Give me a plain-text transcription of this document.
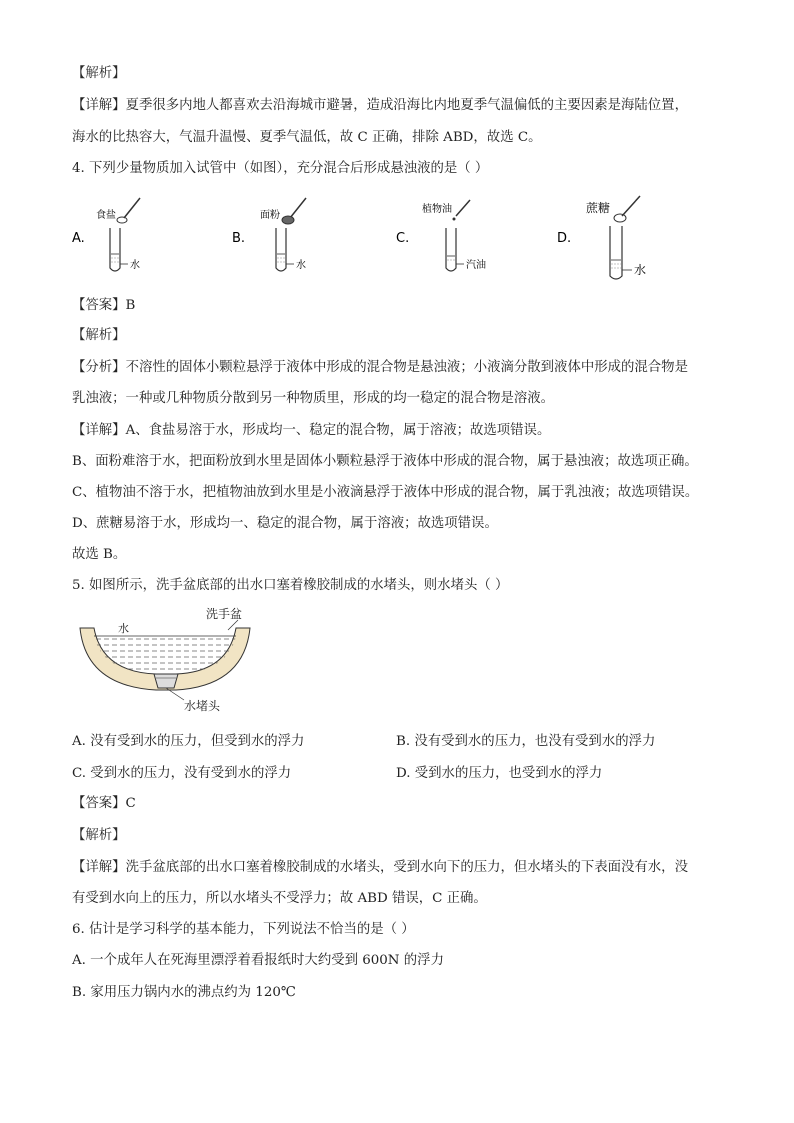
【解析】
【详解】夏季很多内地人都喜欢去沿海城市避暑，造成沿海比内地夏季气温偏低的主要因素是海陆位置，
海水的比热容大，气温升温慢、夏季气温低，故 C 正确，排除 ABD，故选 C。
4. 下列少量物质加入试管中（如图），充分混合后形成悬浊液的是（ ）
A.
食盐
水
B.
面粉
水
C.
植物油
汽油
D.
蔗糖
水
【答案】B
【解析】
【分析】不溶性的固体小颗粒悬浮于液体中形成的混合物是悬浊液；小液滴分散到液体中形成的混合物是
乳浊液；一种或几种物质分散到另一种物质里，形成的均一稳定的混合物是溶液。
【详解】A、食盐易溶于水，形成均一、稳定的混合物，属于溶液；故选项错误。
B、面粉难溶于水，把面粉放到水里是固体小颗粒悬浮于液体中形成的混合物，属于悬浊液；故选项正确。
C、植物油不溶于水，把植物油放到水里是小液滴悬浮于液体中形成的混合物，属于乳浊液；故选项错误。
D、蔗糖易溶于水，形成均一、稳定的混合物，属于溶液；故选项错误。
故选 B。
5. 如图所示，洗手盆底部的出水口塞着橡胶制成的水堵头，则水堵头（ ）
洗手盆
水
水堵头
A. 没有受到水的压力，但受到水的浮力	B. 没有受到水的压力，也没有受到水的浮力
C. 受到水的压力，没有受到水的浮力	D. 受到水的压力，也受到水的浮力
【答案】C
【解析】
【详解】洗手盆底部的出水口塞着橡胶制成的水堵头，受到水向下的压力，但水堵头的下表面没有水，没
有受到水向上的压力，所以水堵头不受浮力；故 ABD 错误，C 正确。
6. 估计是学习科学的基本能力，下列说法不恰当的是（ ）
A. 一个成年人在死海里漂浮着看报纸时大约受到 600N 的浮力
B. 家用压力锅内水的沸点约为 120℃
